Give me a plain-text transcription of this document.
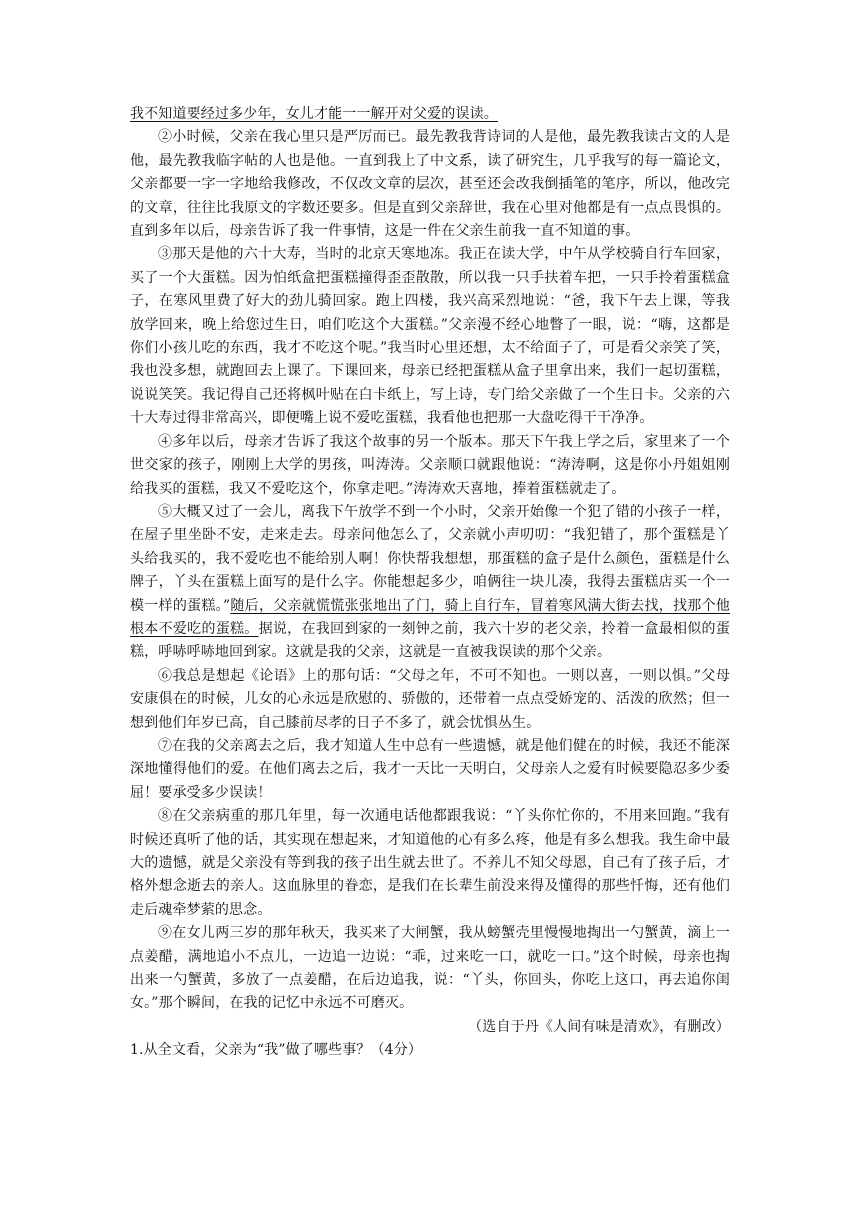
我不知道要经过多少年，女儿才能一一解开对父爱的误读。

②小时候，父亲在我心里只是严厉而已。最先教我背诗词的人是他，最先教我读古文的人是他，最先教我临字帖的人也是他。一直到我上了中文系，读了研究生，几乎我写的每一篇论文，父亲都要一字一字地给我修改，不仅改文章的层次，甚至还会改我倒插笔的笔序，所以，他改完的文章，往往比我原文的字数还要多。但是直到父亲辞世，我在心里对他都是有一点点畏惧的。直到多年以后，母亲告诉了我一件事情，这是一件在父亲生前我一直不知道的事。

③那天是他的六十大寿，当时的北京天寒地冻。我正在读大学，中午从学校骑自行车回家，买了一个大蛋糕。因为怕纸盒把蛋糕撞得歪歪散散，所以我一只手扶着车把，一只手拎着蛋糕盒子，在寒风里费了好大的劲儿骑回家。跑上四楼，我兴高采烈地说：“爸，我下午去上课，等我放学回来，晚上给您过生日，咱们吃这个大蛋糕。”父亲漫不经心地瞥了一眼，说：“嗨，这都是你们小孩儿吃的东西，我才不吃这个呢。”我当时心里还想，太不给面子了，可是看父亲笑了笑，我也没多想，就跑回去上课了。下课回来，母亲已经把蛋糕从盒子里拿出来，我们一起切蛋糕，说说笑笑。我记得自己还将枫叶贴在白卡纸上，写上诗，专门给父亲做了一个生日卡。父亲的六十大寿过得非常高兴，即便嘴上说不爱吃蛋糕，我看他也把那一大盘吃得干干净净。

④多年以后，母亲才告诉了我这个故事的另一个版本。那天下午我上学之后，家里来了一个世交家的孩子，刚刚上大学的男孩，叫涛涛。父亲顺口就跟他说：“涛涛啊，这是你小丹姐姐刚给我买的蛋糕，我又不爱吃这个，你拿走吧。”涛涛欢天喜地，捧着蛋糕就走了。

⑤大概又过了一会儿，离我下午放学不到一个小时，父亲开始像一个犯了错的小孩子一样，在屋子里坐卧不安，走来走去。母亲问他怎么了，父亲就小声叨叨：“我犯错了，那个蛋糕是丫头给我买的，我不爱吃也不能给别人啊！你快帮我想想，那蛋糕的盒子是什么颜色，蛋糕是什么牌子，丫头在蛋糕上面写的是什么字。你能想起多少，咱俩往一块儿凑，我得去蛋糕店买一个一模一样的蛋糕。”随后，父亲就慌慌张张地出了门，骑上自行车，冒着寒风满大街去找，找那个他根本不爱吃的蛋糕。据说，在我回到家的一刻钟之前，我六十岁的老父亲，拎着一盒最相似的蛋糕，呼哧呼哧地回到家。这就是我的父亲，这就是一直被我误读的那个父亲。

⑥我总是想起《论语》上的那句话：“父母之年，不可不知也。一则以喜，一则以惧。”父母安康俱在的时候，儿女的心永远是欣慰的、骄傲的，还带着一点点受娇宠的、活泼的欣然；但一想到他们年岁已高，自己膝前尽孝的日子不多了，就会忧惧丛生。

⑦在我的父亲离去之后，我才知道人生中总有一些遗憾，就是他们健在的时候，我还不能深深地懂得他们的爱。在他们离去之后，我才一天比一天明白，父母亲人之爱有时候要隐忍多少委屈！要承受多少误读！

⑧在父亲病重的那几年里，每一次通电话他都跟我说：“丫头你忙你的，不用来回跑。”我有时候还真听了他的话，其实现在想起来，才知道他的心有多么疼，他是有多么想我。我生命中最大的遗憾，就是父亲没有等到我的孩子出生就去世了。不养儿不知父母恩，自己有了孩子后，才格外想念逝去的亲人。这血脉里的眷恋，是我们在长辈生前没来得及懂得的那些忏悔，还有他们走后魂牵梦萦的思念。

⑨在女儿两三岁的那年秋天，我买来了大闸蟹，我从螃蟹壳里慢慢地掏出一勺蟹黄，滴上一点姜醋，满地追小不点儿，一边追一边说：“乖，过来吃一口，就吃一口。”这个时候，母亲也掏出来一勺蟹黄，多放了一点姜醋，在后边追我，说：“丫头，你回头，你吃上这口，再去追你闺女。”那个瞬间，在我的记忆中永远不可磨灭。

（选自于丹《人间有味是清欢》，有删改）

1.从全文看，父亲为“我”做了哪些事？（4分）
